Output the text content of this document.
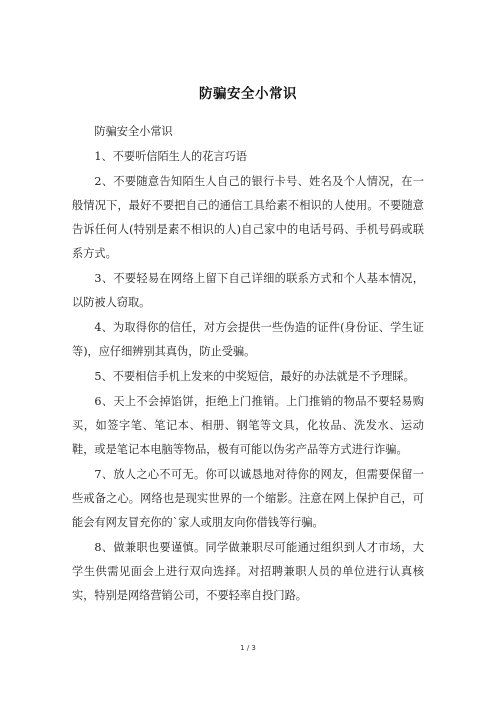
防骗安全小常识

防骗安全小常识

1、不要听信陌生人的花言巧语

2、不要随意告知陌生人自己的银行卡号、姓名及个人情况，在一般情况下，最好不要把自己的通信工具给素不相识的人使用。不要随意告诉任何人(特别是素不相识的人)自己家中的电话号码、手机号码或联系方式。

3、不要轻易在网络上留下自己详细的联系方式和个人基本情况，以防被人窃取。

4、为取得你的信任，对方会提供一些伪造的证件(身份证、学生证等)，应仔细辨别其真伪，防止受骗。

5、不要相信手机上发来的中奖短信，最好的办法就是不予理睬。

6、天上不会掉馅饼，拒绝上门推销。上门推销的物品不要轻易购买，如签字笔、笔记本、相册、钢笔等文具，化妆品、洗发水、运动鞋，或是笔记本电脑等物品，极有可能以伪劣产品等方式进行诈骗。

7、放人之心不可无。你可以诚恳地对待你的网友，但需要保留一些戒备之心。网络也是现实世界的一个缩影。注意在网上保护自己，可能会有网友冒充你的`家人或朋友向你借钱等行骗。

8、做兼职也要谨慎。同学做兼职尽可能通过组织到人才市场，大学生供需见面会上进行双向选择。对招聘兼职人员的单位进行认真核实，特别是网络营销公司，不要轻率自投门路。

1 / 3
